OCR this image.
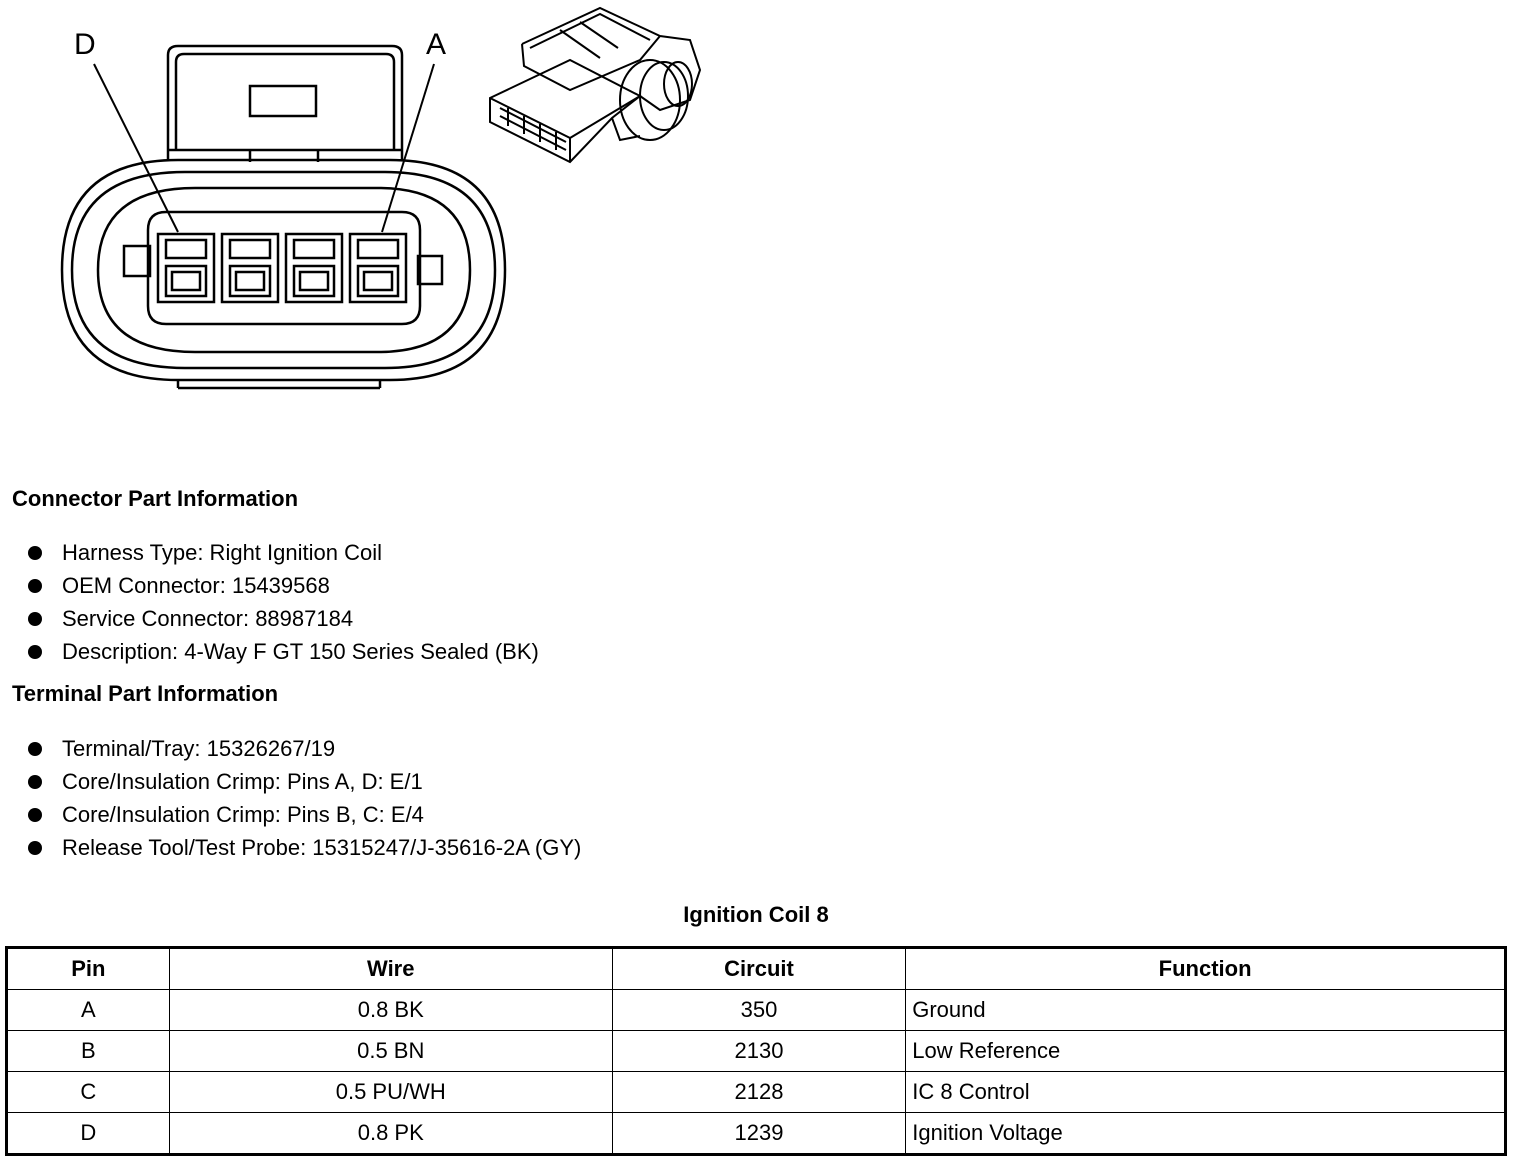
D	A
Connector Part Information
Harness Type: Right Ignition Coil
OEM Connector: 15439568
Service Connector: 88987184
Description: 4-Way F GT 150 Series Sealed (BK)
Terminal Part Information
Terminal/Tray: 15326267/19
Core/Insulation Crimp: Pins A, D: E/1
Core/Insulation Crimp: Pins B, C: E/4
Release Tool/Test Probe: 15315247/J-35616-2A (GY)
Ignition Coil 8
Pin	Wire	Circuit	Function
A	0.8 BK	350	Ground
B	0.5 BN	2130	Low Reference
C	0.5 PU/WH	2128	IC 8 Control
D	0.8 PK	1239	Ignition Voltage
